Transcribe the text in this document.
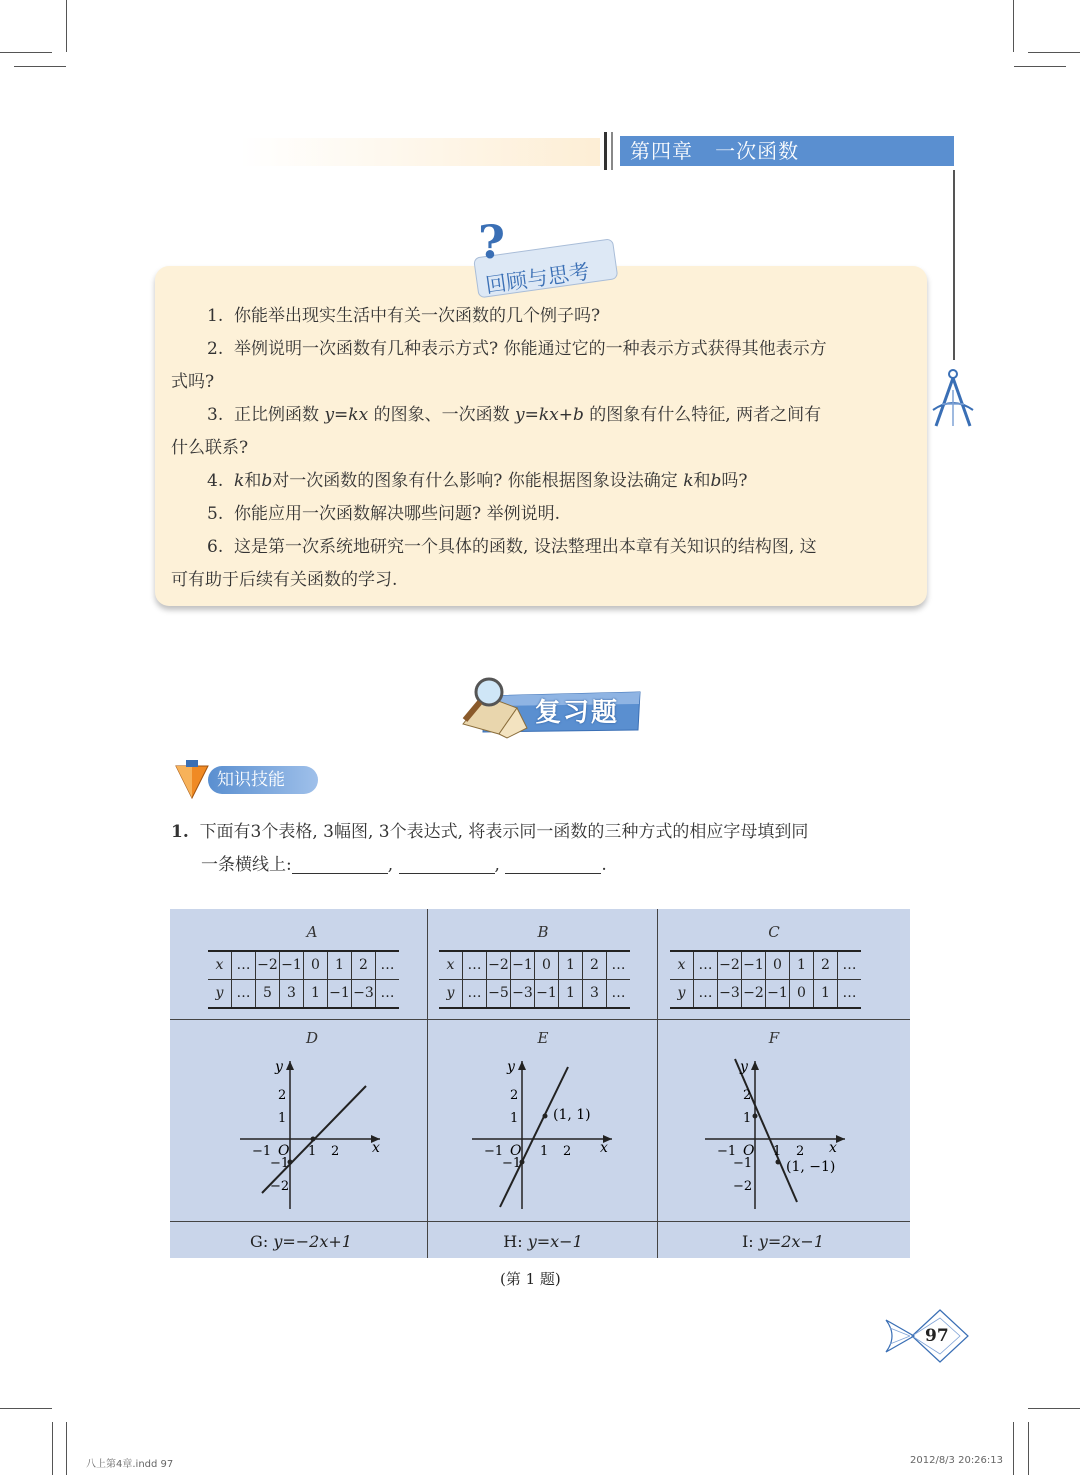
第四章 一次函数
?
回顾与思考

1. 你能举出现实生活中有关一次函数的几个例子吗?

2. 举例说明一次函数有几种表示方式? 你能通过它的一种表示方式获得其他表示方

式吗?

3. 正比例函数 y=kx 的图象、一次函数 y=kx+b 的图象有什么特征, 两者之间有

什么联系?

4. k和b对一次函数的图象有什么影响? 你能根据图象设法确定 k和b吗?

5. 你能应用一次函数解决哪些问题? 举例说明.

6. 这是第一次系统地研究一个具体的函数, 设法整理出本章有关知识的结构图, 这

可有助于后续有关函数的学习.

复习题
知识技能

1. 下面有3个表格, 3幅图, 3个表达式, 将表示同一函数的三种方式的相应字母填到同

一条横线上:	,	,	.

A
x	…	−2	−1	0	1	2	…
y	…	5	3	1	−1	−3	…
B
x	…	−2	−1	0	1	2	…
y	…	−5	−3	−1	1	3	…
C
x	…	−2	−1	0	1	2	…
y	…	−3	−2	−1	0	1	…
D
x
y
O
−1	1 2
2
1
−1
−2
E
(1, 1)
x
y
O
−1	1 2
2
1
−1
F
(1, −1)
x
y
O
−1	1 2
2
1
−1
−2
G: y=−2x+1	H: y=x−1	I: y=2x−1
(第 1 题)
97
八上第4章.indd 97	2012/8/3 20:26:13
